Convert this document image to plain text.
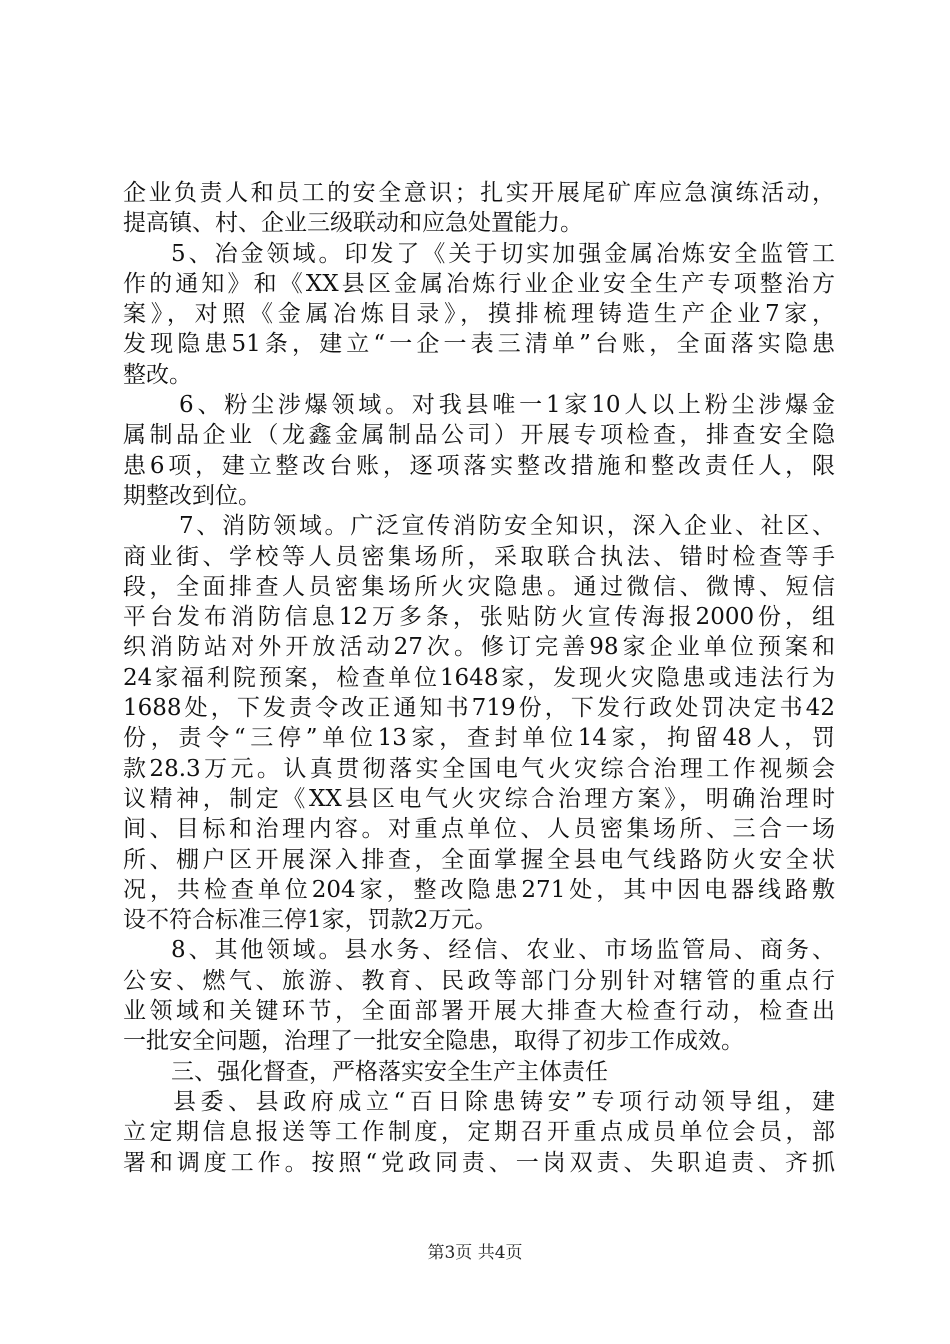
企业负责人和员工的安全意识；扎实开展尾矿库应急演练活动，
提高镇、村、企业三级联动和应急处置能力。
5、冶金领域。印发了《关于切实加强金属冶炼安全监管工
作的通知》和《XX县区金属冶炼行业企业安全生产专项整治方
案》，对照《金属冶炼目录》，摸排梳理铸造生产企业7家，
发现隐患51条，建立“一企一表三清单”台账，全面落实隐患
整改。
6、粉尘涉爆领域。对我县唯一1家10人以上粉尘涉爆金
属制品企业（龙鑫金属制品公司）开展专项检查，排查安全隐
患6项，建立整改台账，逐项落实整改措施和整改责任人，限
期整改到位。
7、消防领域。广泛宣传消防安全知识，深入企业、社区、
商业街、学校等人员密集场所，采取联合执法、错时检查等手
段，全面排查人员密集场所火灾隐患。通过微信、微博、短信
平台发布消防信息12万多条，张贴防火宣传海报2000份，组
织消防站对外开放活动27次。修订完善98家企业单位预案和
24家福利院预案，检查单位1648家，发现火灾隐患或违法行为
1688处，下发责令改正通知书719份，下发行政处罚决定书42
份，责令“三停”单位13家，查封单位14家，拘留48人，罚
款28.3万元。认真贯彻落实全国电气火灾综合治理工作视频会
议精神，制定《XX县区电气火灾综合治理方案》，明确治理时
间、目标和治理内容。对重点单位、人员密集场所、三合一场
所、棚户区开展深入排查，全面掌握全县电气线路防火安全状
况，共检查单位204家，整改隐患271处，其中因电器线路敷
设不符合标准三停1家，罚款2万元。
8、其他领域。县水务、经信、农业、市场监管局、商务、
公安、燃气、旅游、教育、民政等部门分别针对辖管的重点行
业领域和关键环节，全面部署开展大排查大检查行动，检查出
一批安全问题，治理了一批安全隐患，取得了初步工作成效。
三、强化督查，严格落实安全生产主体责任
县委、县政府成立“百日除患铸安”专项行动领导组，建
立定期信息报送等工作制度，定期召开重点成员单位会员，部
署和调度工作。按照“党政同责、一岗双责、失职追责、齐抓
第3页 共4页
